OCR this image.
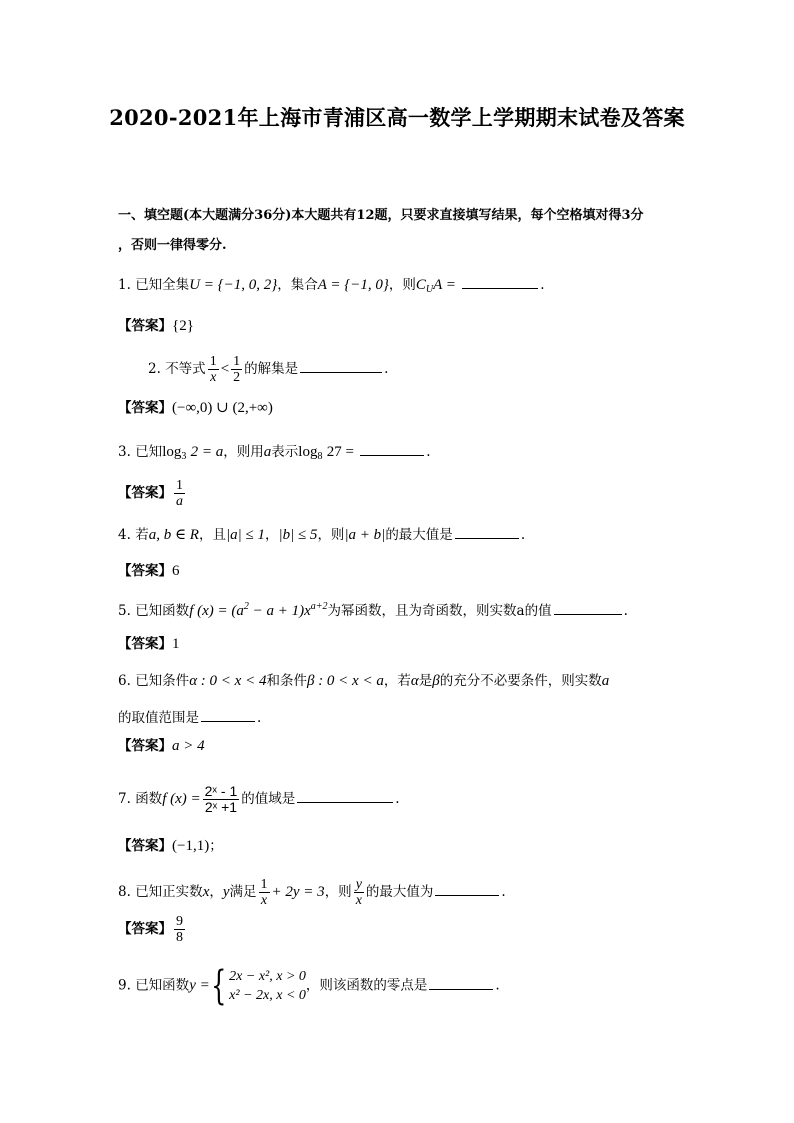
2020-2021年上海市青浦区高一数学上学期期末试卷及答案
一、填空题(本大题满分36分)本大题共有12题，只要求直接填写结果，每个空格填对得3分
，否则一律得零分.
1. 已知全集U = {−1, 0, 2}，集合A = {−1, 0}，则$C_UA$ =	.
【答案】{2}
2. 不等式 $\frac{1}{x} < \frac{1}{2}$ 的解集是	.
【答案】(−∞,0) ∪ (2,+∞)
3. 已知$\log_3 2 = a$，则用a表示$\log_8 27$ =	.
【答案】 $\frac{1}{a}$
4. 若a, b ∈ R，且|a| ≤ 1，|b| ≤ 5，则|a + b|的最大值是	.
【答案】6
5. 已知函数f $(x) = (a^2 - a + 1)x^{a+2}$为幂函数，且为奇函数，则实数a的值	.
【答案】1
6. 已知条件α : 0 < x < 4和条件β : 0 < x < a，若α是β的充分不必要条件，则实数a
的取值范围是	.
【答案】a > 4
7. 函数f $(x) = \frac{\text{2ˣ - 1}}{\text{2ˣ +1}}$ 的值域是	.
【答案】(−1,1)；
8. 已知正实数x，y满足 $\frac{1}{x} + 2y = 3$，则 $\frac{y}{x}$ 的最大值为	.
【答案】 $\frac{9}{8}$
9. 已知函数y ={ 2x − x², x > 0
x² − 2x, x < 0
，则该函数的零点是	.
